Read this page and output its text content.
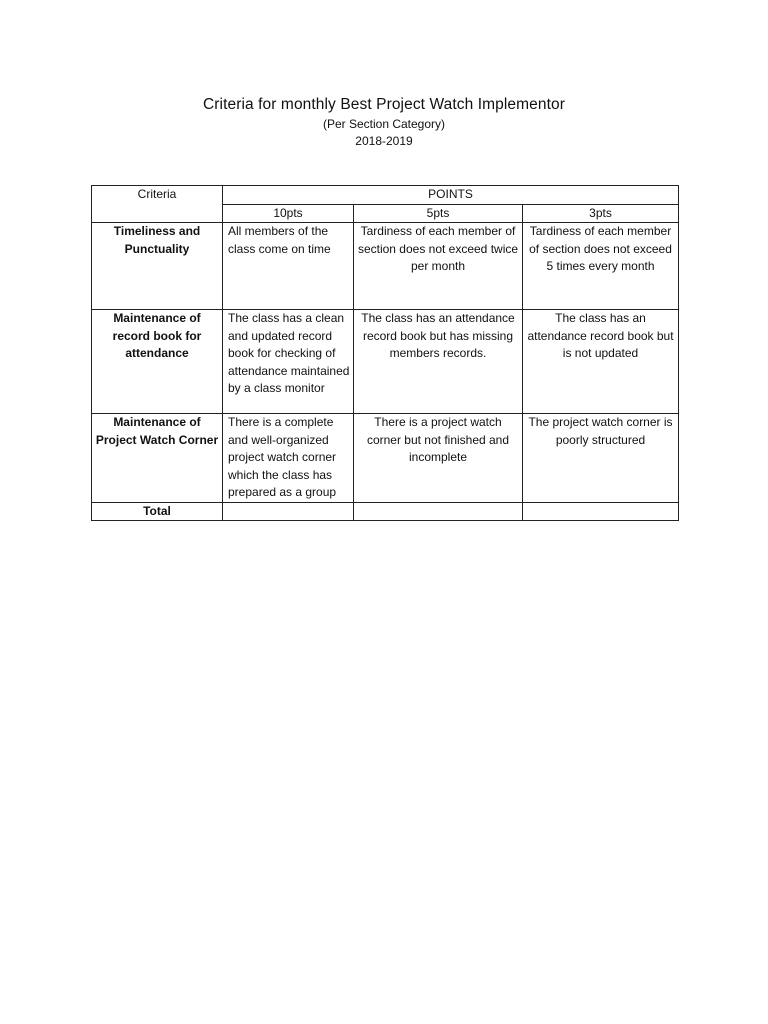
Criteria for monthly Best Project Watch Implementor
(Per Section Category)
2018-2019
Criteria	POINTS		
	10pts	5pts	3pts
Timeliness and Punctuality	All members of the class come on time	Tardiness of each member of section does not exceed twice per month	Tardiness of each member of section does not exceed 5 times every month
Maintenance of record book for attendance	The class has a clean and updated record book for checking of attendance maintained by a class monitor	The class has an attendance record book but has missing members records.	The class has an attendance record book but is not updated
Maintenance of Project Watch Corner	There is a complete and well-organized project watch corner which the class has prepared as a group	There is a project watch corner but not finished and incomplete	The project watch corner is poorly structured
Total			
